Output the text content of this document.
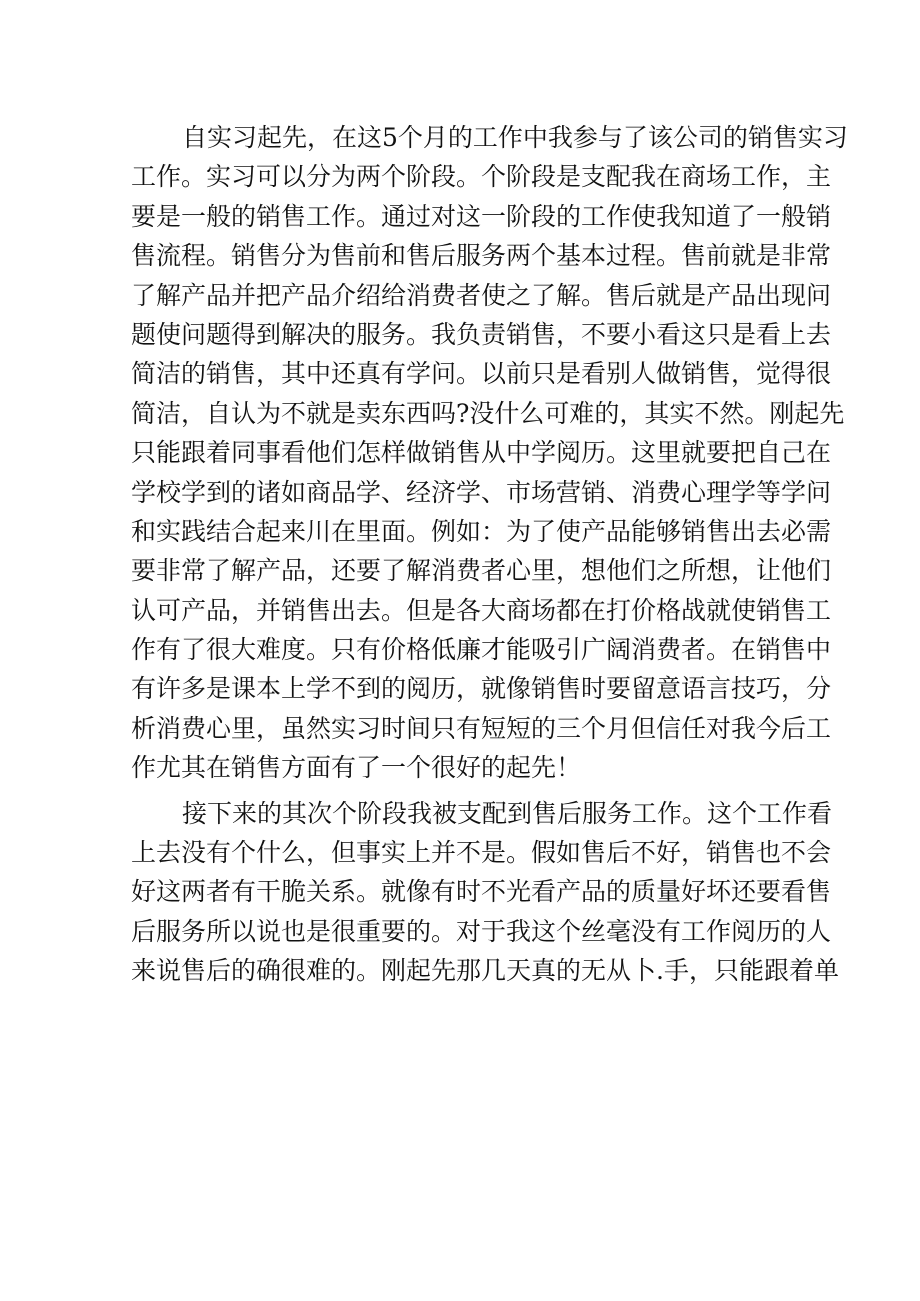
自实习起先，在这5个月的工作中我参与了该公司的销售实习
工作。实习可以分为两个阶段。个阶段是支配我在商场工作，主
要是一般的销售工作。通过对这一阶段的工作使我知道了一般销
售流程。销售分为售前和售后服务两个基本过程。售前就是非常
了解产品并把产品介绍给消费者使之了解。售后就是产品出现问
题使问题得到解决的服务。我负责销售，不要小看这只是看上去
简洁的销售，其中还真有学问。以前只是看别人做销售，觉得很
简洁，自认为不就是卖东西吗?没什么可难的，其实不然。刚起先
只能跟着同事看他们怎样做销售从中学阅历。这里就要把自己在
学校学到的诸如商品学、经济学、市场营销、消费心理学等学问
和实践结合起来川在里面。例如：为了使产品能够销售出去必需
要非常了解产品，还要了解消费者心里，想他们之所想，让他们
认可产品，并销售出去。但是各大商场都在打价格战就使销售工
作有了很大难度。只有价格低廉才能吸引广阔消费者。在销售中
有许多是课本上学不到的阅历，就像销售时要留意语言技巧，分
析消费心里，虽然实习时间只有短短的三个月但信任对我今后工
作尤其在销售方面有了一个很好的起先！
接下来的其次个阶段我被支配到售后服务工作。这个工作看
上去没有个什么，但事实上并不是。假如售后不好，销售也不会
好这两者有干脆关系。就像有时不光看产品的质量好坏还要看售
后服务所以说也是很重要的。对于我这个丝毫没有工作阅历的人
来说售后的确很难的。刚起先那几天真的无从卜.手，只能跟着单
